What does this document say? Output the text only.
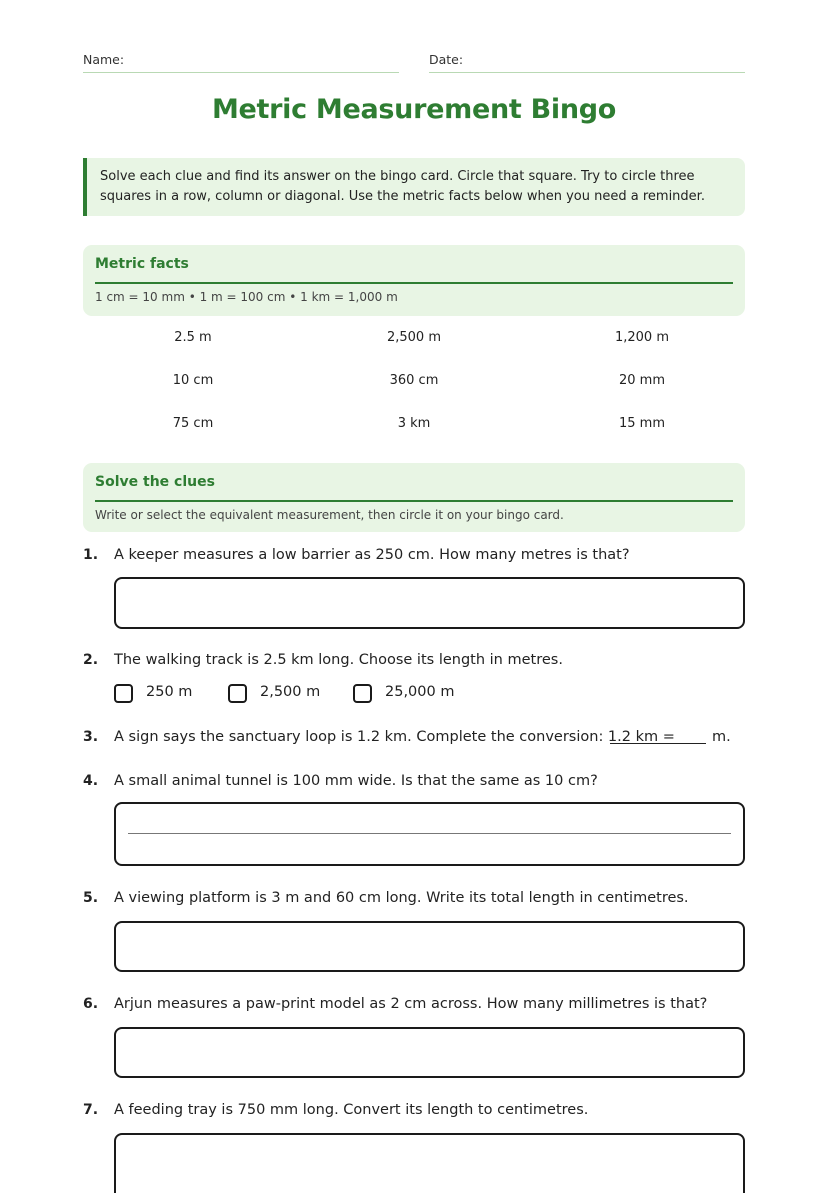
Name:	Date:
Metric Measurement Bingo
Solve each clue and find its answer on the bingo card. Circle that square. Try to circle three squares in a row, column or diagonal. Use the metric facts below when you need a reminder.
Metric facts
1 cm = 10 mm • 1 m = 100 cm • 1 km = 1,000 m
2.5 m	2,500 m	1,200 m
10 cm	360 cm	20 mm
75 cm	3 km	15 mm
Solve the clues
Write or select the equivalent measurement, then circle it on your bingo card.
1. A keeper measures a low barrier as 250 cm. How many metres is that?
2. The walking track is 2.5 km long. Choose its length in metres.
3. A sign says the sanctuary loop is 1.2 km. Complete the conversion: 1.2 km =
4. A small animal tunnel is 100 mm wide. Is that the same as 10 cm?
5. A viewing platform is 3 m and 60 cm long. Write its total length in centimetres.
6. Arjun measures a paw-print model as 2 cm across. How many millimetres is that?
7. A feeding tray is 750 mm long. Convert its length to centimetres.
250 m	2,500 m	25,000 m
m.
